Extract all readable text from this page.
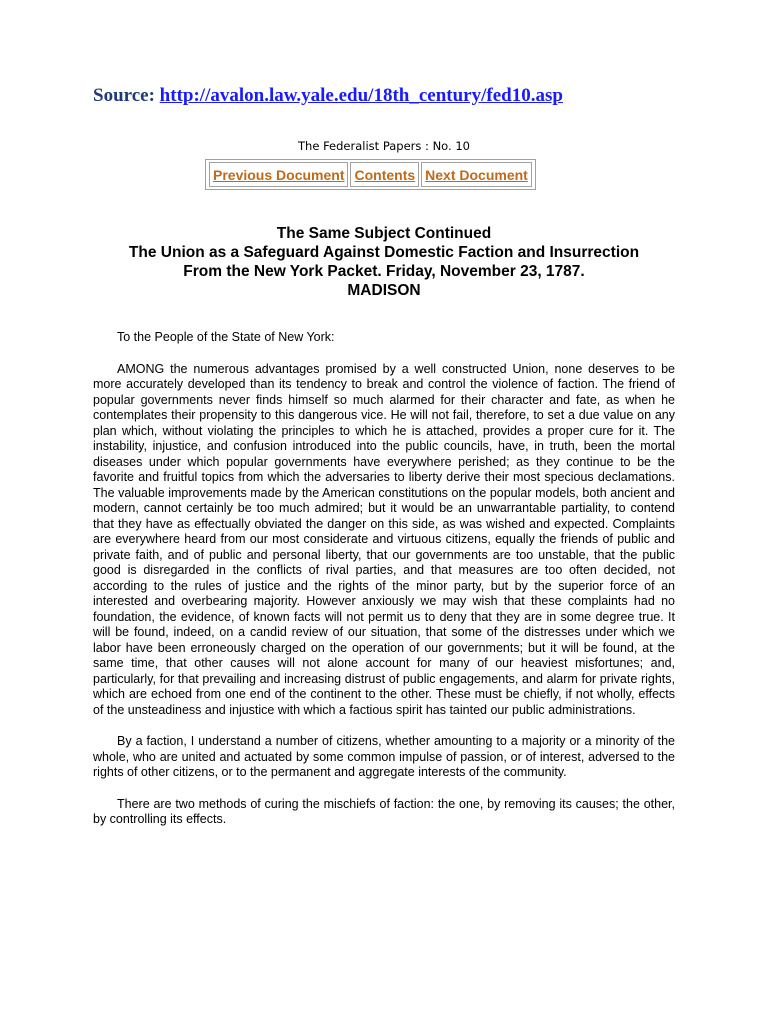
Source: http://avalon.law.yale.edu/18th_century/fed10.asp
The Federalist Papers : No. 10
Previous Document Contents Next Document
The Same Subject Continued
The Union as a Safeguard Against Domestic Faction and Insurrection
From the New York Packet. Friday, November 23, 1787.
MADISON

To the People of the State of New York:

AMONG the numerous advantages promised by a well constructed Union, none deserves to be more accurately developed than its tendency to break and control the violence of faction. The friend of popular governments never finds himself so much alarmed for their character and fate, as when he contemplates their propensity to this dangerous vice. He will not fail, therefore, to set a due value on any plan which, without violating the principles to which he is attached, provides a proper cure for it. The instability, injustice, and confusion introduced into the public councils, have, in truth, been the mortal diseases under which popular governments have everywhere perished; as they continue to be the favorite and fruitful topics from which the adversaries to liberty derive their most specious declamations. The valuable improvements made by the American constitutions on the popular models, both ancient and modern, cannot certainly be too much admired; but it would be an unwarrantable partiality, to contend that they have as effectually obviated the danger on this side, as was wished and expected. Complaints are everywhere heard from our most considerate and virtuous citizens, equally the friends of public and private faith, and of public and personal liberty, that our governments are too unstable, that the public good is disregarded in the conflicts of rival parties, and that measures are too often decided, not according to the rules of justice and the rights of the minor party, but by the superior force of an interested and overbearing majority. However anxiously we may wish that these complaints had no foundation, the evidence, of known facts will not permit us to deny that they are in some degree true. It will be found, indeed, on a candid review of our situation, that some of the distresses under which we labor have been erroneously charged on the operation of our governments; but it will be found, at the same time, that other causes will not alone account for many of our heaviest misfortunes; and, particularly, for that prevailing and increasing distrust of public engagements, and alarm for private rights, which are echoed from one end of the continent to the other. These must be chiefly, if not wholly, effects of the unsteadiness and injustice with which a factious spirit has tainted our public administrations.

By a faction, I understand a number of citizens, whether amounting to a majority or a minority of the whole, who are united and actuated by some common impulse of passion, or of interest, adversed to the rights of other citizens, or to the permanent and aggregate interests of the community.

There are two methods of curing the mischiefs of faction: the one, by removing its causes; the other, by controlling its effects.
